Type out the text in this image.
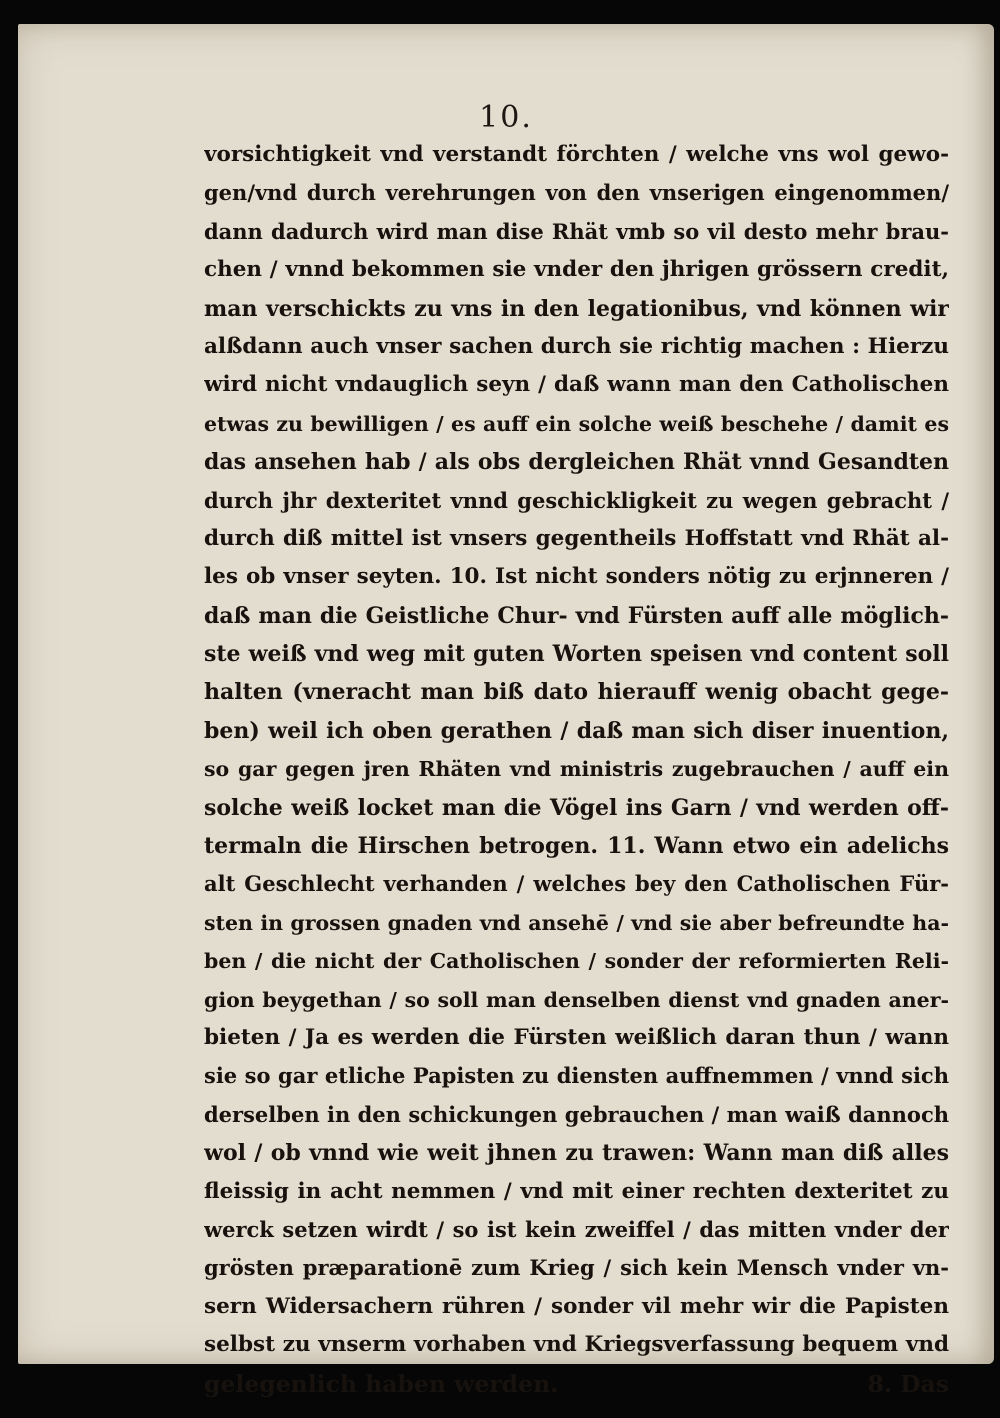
10.
vorsichtigkeit vnd verstandt förchten / welche vns wol gewo-
gen/vnd durch verehrungen von den vnserigen eingenommen/
dann dadurch wird man dise Rhät vmb so vil desto mehr brau-
chen / vnnd bekommen sie vnder den jhrigen grössern credit,
man verschickts zu vns in den legationibus, vnd können wir
alßdann auch vnser sachen durch sie richtig machen : Hierzu
wird nicht vndauglich seyn / daß wann man den Catholischen
etwas zu bewilligen / es auff ein solche weiß beschehe / damit es
das ansehen hab / als obs dergleichen Rhät vnnd Gesandten
durch jhr dexteritet vnnd geschickligkeit zu wegen gebracht /
durch diß mittel ist vnsers gegentheils Hoffstatt vnd Rhät al-
les ob vnser seyten. 10. Ist nicht sonders nötig zu erjnneren /
daß man die Geistliche Chur- vnd Fürsten auff alle möglich-
ste weiß vnd weg mit guten Worten speisen vnd content soll
halten (vneracht man biß dato hierauff wenig obacht gege-
ben) weil ich oben gerathen / daß man sich diser inuention,
so gar gegen jren Rhäten vnd ministris zugebrauchen / auff ein
solche weiß locket man die Vögel ins Garn / vnd werden off-
termaln die Hirschen betrogen. 11. Wann etwo ein adelichs
alt Geschlecht verhanden / welches bey den Catholischen Für-
sten in grossen gnaden vnd ansehē / vnd sie aber befreundte ha-
ben / die nicht der Catholischen / sonder der reformierten Reli-
gion beygethan / so soll man denselben dienst vnd gnaden aner-
bieten / Ja es werden die Fürsten weißlich daran thun / wann
sie so gar etliche Papisten zu diensten auffnemmen / vnnd sich
derselben in den schickungen gebrauchen / man waiß dannoch
wol / ob vnnd wie weit jhnen zu trawen: Wann man diß alles
fleissig in acht nemmen / vnd mit einer rechten dexteritet zu
werck setzen wirdt / so ist kein zweiffel / das mitten vnder der
grösten præparationē zum Krieg / sich kein Mensch vnder vn-
sern Widersachern rühren / sonder vil mehr wir die Papisten
selbst zu vnserm vorhaben vnd Kriegsverfassung bequem vnd
gelegenlich haben werden.	8. Das
